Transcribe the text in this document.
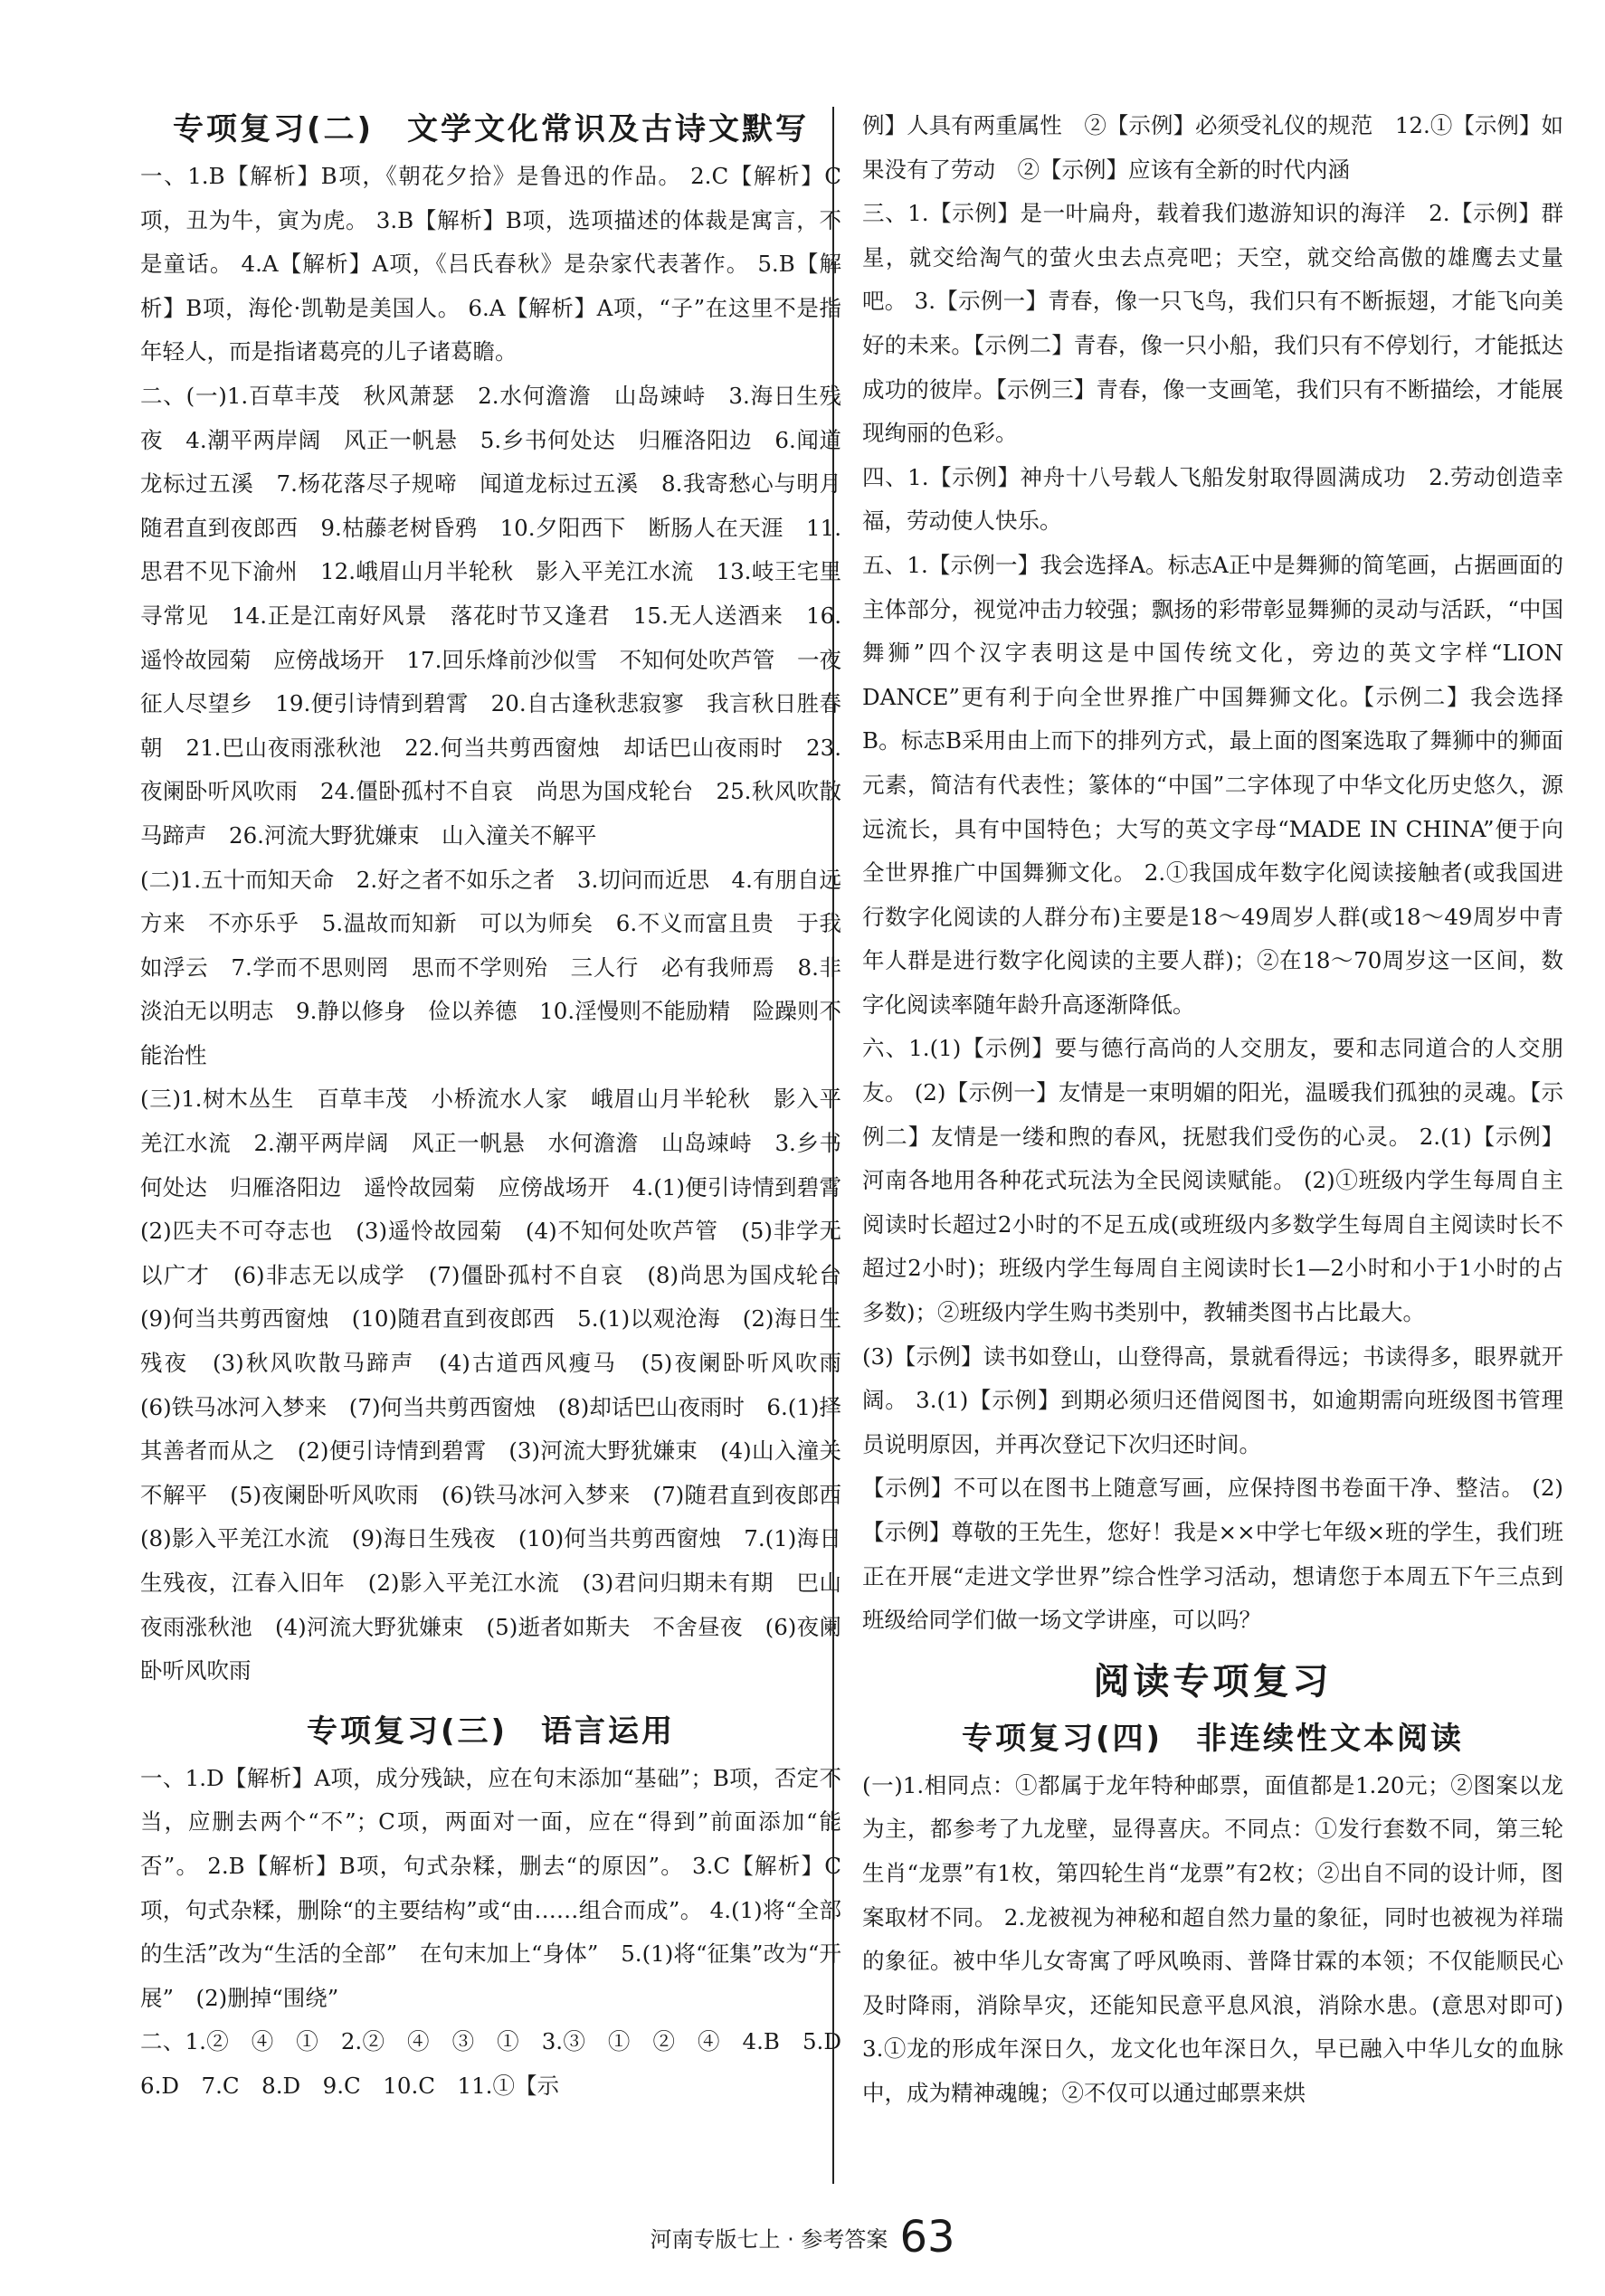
专项复习(二)　文学文化常识及古诗文默写

一、1.B【解析】B项，《朝花夕拾》是鲁迅的作品。 2.C【解析】C项，丑为牛，寅为虎。 3.B【解析】B项，选项描述的体裁是寓言，不是童话。 4.A【解析】A项，《吕氏春秋》是杂家代表著作。 5.B【解析】B项，海伦·凯勒是美国人。 6.A【解析】A项，“子”在这里不是指年轻人，而是指诸葛亮的儿子诸葛瞻。

二、(一)1.百草丰茂　秋风萧瑟　2.水何澹澹　山岛竦峙　3.海日生残夜　4.潮平两岸阔　风正一帆悬　5.乡书何处达　归雁洛阳边　6.闻道龙标过五溪　7.杨花落尽子规啼　闻道龙标过五溪　8.我寄愁心与明月　随君直到夜郎西　9.枯藤老树昏鸦　10.夕阳西下　断肠人在天涯　11.思君不见下渝州　12.峨眉山月半轮秋　影入平羌江水流　13.岐王宅里寻常见　14.正是江南好风景　落花时节又逢君　15.无人送酒来　16.遥怜故园菊　应傍战场开　17.回乐烽前沙似雪　不知何处吹芦管　一夜征人尽望乡　19.便引诗情到碧霄　20.自古逢秋悲寂寥　我言秋日胜春朝　21.巴山夜雨涨秋池　22.何当共剪西窗烛　却话巴山夜雨时　23.夜阑卧听风吹雨　24.僵卧孤村不自哀　尚思为国戍轮台　25.秋风吹散马蹄声　26.河流大野犹嫌束　山入潼关不解平

(二)1.五十而知天命　2.好之者不如乐之者　3.切问而近思　4.有朋自远方来　不亦乐乎　5.温故而知新　可以为师矣　6.不义而富且贵　于我如浮云　7.学而不思则罔　思而不学则殆　三人行　必有我师焉　8.非淡泊无以明志　9.静以修身　俭以养德　10.淫慢则不能励精　险躁则不能治性

(三)1.树木丛生　百草丰茂　小桥流水人家　峨眉山月半轮秋　影入平羌江水流　2.潮平两岸阔　风正一帆悬　水何澹澹　山岛竦峙　3.乡书何处达　归雁洛阳边　遥怜故园菊　应傍战场开　4.(1)便引诗情到碧霄　(2)匹夫不可夺志也　(3)遥怜故园菊　(4)不知何处吹芦管　(5)非学无以广才　(6)非志无以成学　(7)僵卧孤村不自哀　(8)尚思为国戍轮台　(9)何当共剪西窗烛　(10)随君直到夜郎西　5.(1)以观沧海　(2)海日生残夜　(3)秋风吹散马蹄声　(4)古道西风瘦马　(5)夜阑卧听风吹雨　(6)铁马冰河入梦来　(7)何当共剪西窗烛　(8)却话巴山夜雨时　6.(1)择其善者而从之　(2)便引诗情到碧霄　(3)河流大野犹嫌束　(4)山入潼关不解平　(5)夜阑卧听风吹雨　(6)铁马冰河入梦来　(7)随君直到夜郎西　(8)影入平羌江水流　(9)海日生残夜　(10)何当共剪西窗烛　7.(1)海日生残夜，江春入旧年　(2)影入平羌江水流　(3)君问归期未有期　巴山夜雨涨秋池　(4)河流大野犹嫌束　(5)逝者如斯夫　不舍昼夜　(6)夜阑卧听风吹雨

专项复习(三)　语言运用

一、1.D【解析】A项，成分残缺，应在句末添加“基础”；B项，否定不当，应删去两个“不”；C项，两面对一面，应在“得到”前面添加“能否”。 2.B【解析】B项，句式杂糅，删去“的原因”。 3.C【解析】C项，句式杂糅，删除“的主要结构”或“由……组合而成”。 4.(1)将“全部的生活”改为“生活的全部”　在句末加上“身体”　5.(1)将“征集”改为“开展”　(2)删掉“围绕”

二、1.②　④　①　2.②　④　③　①　3.③　①　②　④　4.B　5.D　6.D　7.C　8.D　9.C　10.C　11.①【示

例】人具有两重属性　②【示例】必须受礼仪的规范　12.①【示例】如果没有了劳动　②【示例】应该有全新的时代内涵

三、1.【示例】是一叶扁舟，载着我们遨游知识的海洋　2.【示例】群星，就交给淘气的萤火虫去点亮吧；天空，就交给高傲的雄鹰去丈量吧。 3.【示例一】青春，像一只飞鸟，我们只有不断振翅，才能飞向美好的未来。【示例二】青春，像一只小船，我们只有不停划行，才能抵达成功的彼岸。【示例三】青春，像一支画笔，我们只有不断描绘，才能展现绚丽的色彩。

四、1.【示例】神舟十八号载人飞船发射取得圆满成功　2.劳动创造幸福，劳动使人快乐。

五、1.【示例一】我会选择A。标志A正中是舞狮的简笔画，占据画面的主体部分，视觉冲击力较强；飘扬的彩带彰显舞狮的灵动与活跃，“中国舞狮”四个汉字表明这是中国传统文化，旁边的英文字样“LION DANCE”更有利于向全世界推广中国舞狮文化。【示例二】我会选择B。标志B采用由上而下的排列方式，最上面的图案选取了舞狮中的狮面元素，简洁有代表性；篆体的“中国”二字体现了中华文化历史悠久，源远流长，具有中国特色；大写的英文字母“MADE IN CHINA”便于向全世界推广中国舞狮文化。 2.①我国成年数字化阅读接触者(或我国进行数字化阅读的人群分布)主要是18～49周岁人群(或18～49周岁中青年人群是进行数字化阅读的主要人群)；②在18～70周岁这一区间，数字化阅读率随年龄升高逐渐降低。

六、1.(1)【示例】要与德行高尚的人交朋友，要和志同道合的人交朋友。 (2)【示例一】友情是一束明媚的阳光，温暖我们孤独的灵魂。【示例二】友情是一缕和煦的春风，抚慰我们受伤的心灵。 2.(1)【示例】河南各地用各种花式玩法为全民阅读赋能。 (2)①班级内学生每周自主阅读时长超过2小时的不足五成(或班级内多数学生每周自主阅读时长不超过2小时)；班级内学生每周自主阅读时长1—2小时和小于1小时的占多数)；②班级内学生购书类别中，教辅类图书占比最大。

(3)【示例】读书如登山，山登得高，景就看得远；书读得多，眼界就开阔。 3.(1)【示例】到期必须归还借阅图书，如逾期需向班级图书管理员说明原因，并再次登记下次归还时间。

【示例】不可以在图书上随意写画，应保持图书卷面干净、整洁。 (2)【示例】尊敬的王先生，您好！我是××中学七年级×班的学生，我们班正在开展“走进文学世界”综合性学习活动，想请您于本周五下午三点到班级给同学们做一场文学讲座，可以吗？

阅读专项复习
专项复习(四)　非连续性文本阅读

(一)1.相同点：①都属于龙年特种邮票，面值都是1.20元；②图案以龙为主，都参考了九龙壁，显得喜庆。不同点：①发行套数不同，第三轮生肖“龙票”有1枚，第四轮生肖“龙票”有2枚；②出自不同的设计师，图案取材不同。 2.龙被视为神秘和超自然力量的象征，同时也被视为祥瑞的象征。被中华儿女寄寓了呼风唤雨、普降甘霖的本领；不仅能顺民心及时降雨，消除旱灾，还能知民意平息风浪，消除水患。(意思对即可)　3.①龙的形成年深日久，龙文化也年深日久，早已融入中华儿女的血脉中，成为精神魂魄；②不仅可以通过邮票来烘

河南专版七上 · 参考答案 63
